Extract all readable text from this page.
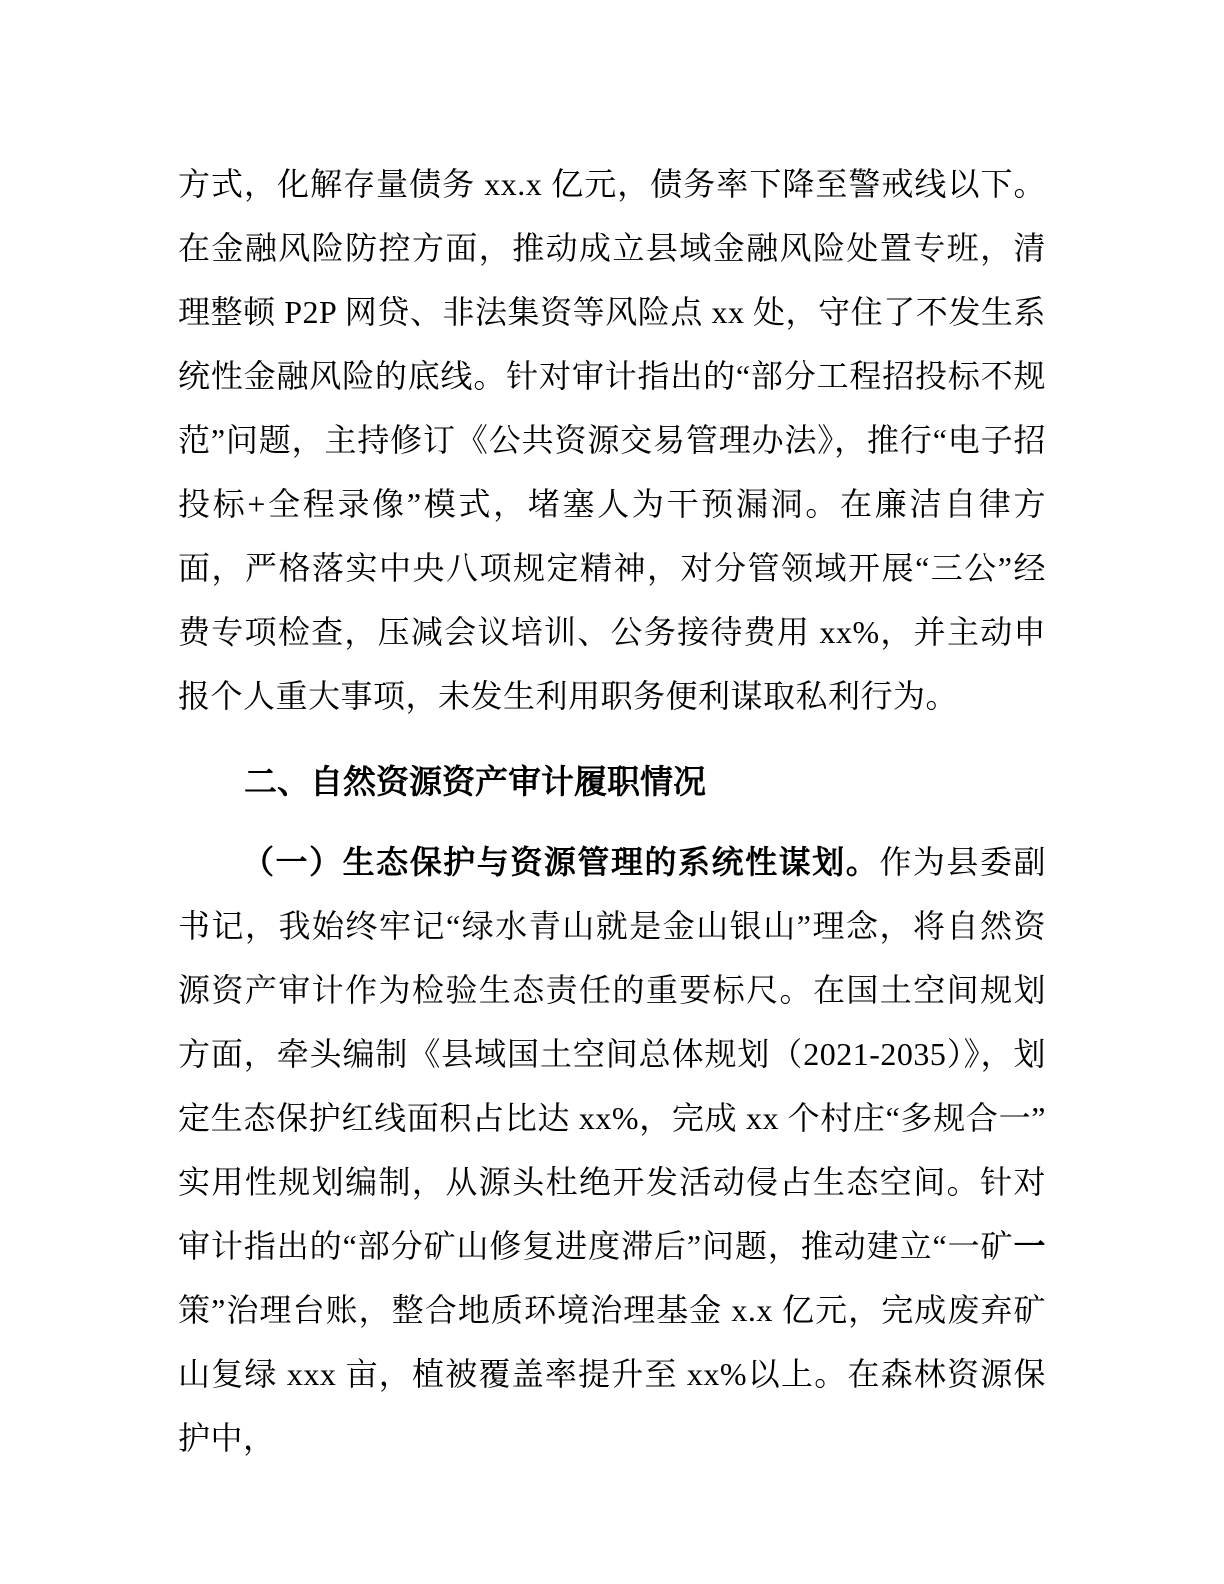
方式，化解存量债务 xx.x 亿元，债务率下降至警戒线以下。在金融风险防控方面，推动成立县域金融风险处置专班，清理整顿 P2P 网贷、非法集资等风险点 xx 处，守住了不发生系统性金融风险的底线。针对审计指出的“部分工程招投标不规范”问题，主持修订《公共资源交易管理办法》，推行“电子招投标+全程录像”模式，堵塞人为干预漏洞。在廉洁自律方面，严格落实中央八项规定精神，对分管领域开展“三公”经费专项检查，压减会议培训、公务接待费用 xx%，并主动申报个人重大事项，未发生利用职务便利谋取私利行为。

二、自然资源资产审计履职情况

（一）生态保护与资源管理的系统性谋划。作为县委副书记，我始终牢记“绿水青山就是金山银山”理念，将自然资源资产审计作为检验生态责任的重要标尺。在国土空间规划方面，牵头编制《县域国土空间总体规划（2021-2035）》，划定生态保护红线面积占比达 xx%，完成 xx 个村庄“多规合一”实用性规划编制，从源头杜绝开发活动侵占生态空间。针对审计指出的“部分矿山修复进度滞后”问题，推动建立“一矿一策”治理台账，整合地质环境治理基金 x.x 亿元，完成废弃矿山复绿 xxx 亩，植被覆盖率提升至 xx%以上。在森林资源保护中，
